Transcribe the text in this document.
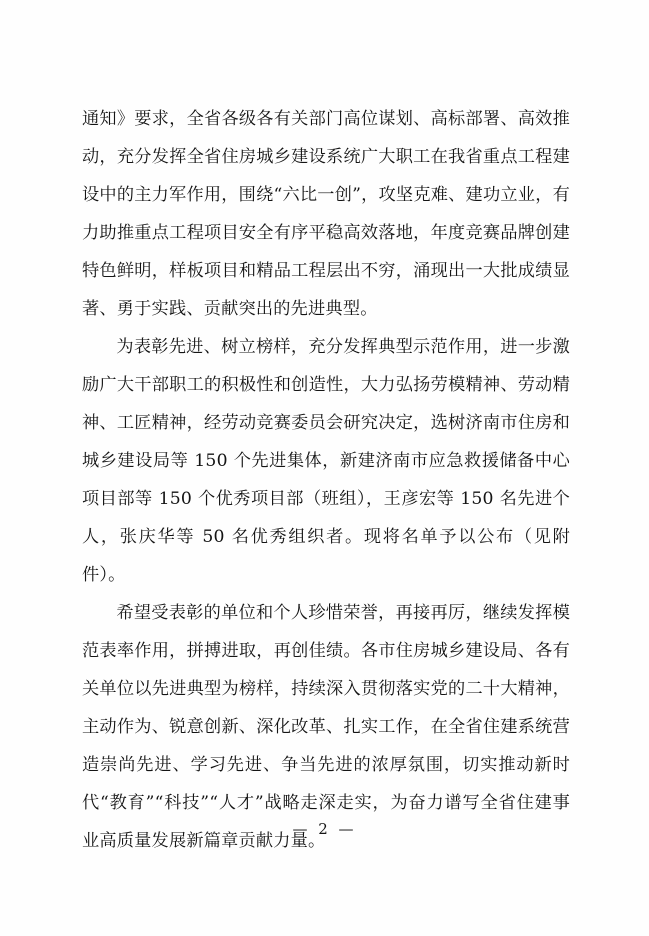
通知》要求，全省各级各有关部门高位谋划、高标部署、高效推动，充分发挥全省住房城乡建设系统广大职工在我省重点工程建设中的主力军作用，围绕“六比一创”，攻坚克难、建功立业，有力助推重点工程项目安全有序平稳高效落地，年度竞赛品牌创建特色鲜明，样板项目和精品工程层出不穷，涌现出一大批成绩显著、勇于实践、贡献突出的先进典型。

为表彰先进、树立榜样，充分发挥典型示范作用，进一步激励广大干部职工的积极性和创造性，大力弘扬劳模精神、劳动精神、工匠精神，经劳动竞赛委员会研究决定，选树济南市住房和城乡建设局等 150 个先进集体，新建济南市应急救援储备中心项目部等 150 个优秀项目部（班组），王彦宏等 150 名先进个人，张庆华等 50 名优秀组织者。现将名单予以公布（见附件）。

希望受表彰的单位和个人珍惜荣誉，再接再厉，继续发挥模范表率作用，拼搏进取，再创佳绩。各市住房城乡建设局、各有关单位以先进典型为榜样，持续深入贯彻落实党的二十大精神，主动作为、锐意创新、深化改革、扎实工作，在全省住建系统营造崇尚先进、学习先进、争当先进的浓厚氛围，切实推动新时代“教育”“科技”“人才”战略走深走实，为奋力谱写全省住建事业高质量发展新篇章贡献力量。

— 2 —
